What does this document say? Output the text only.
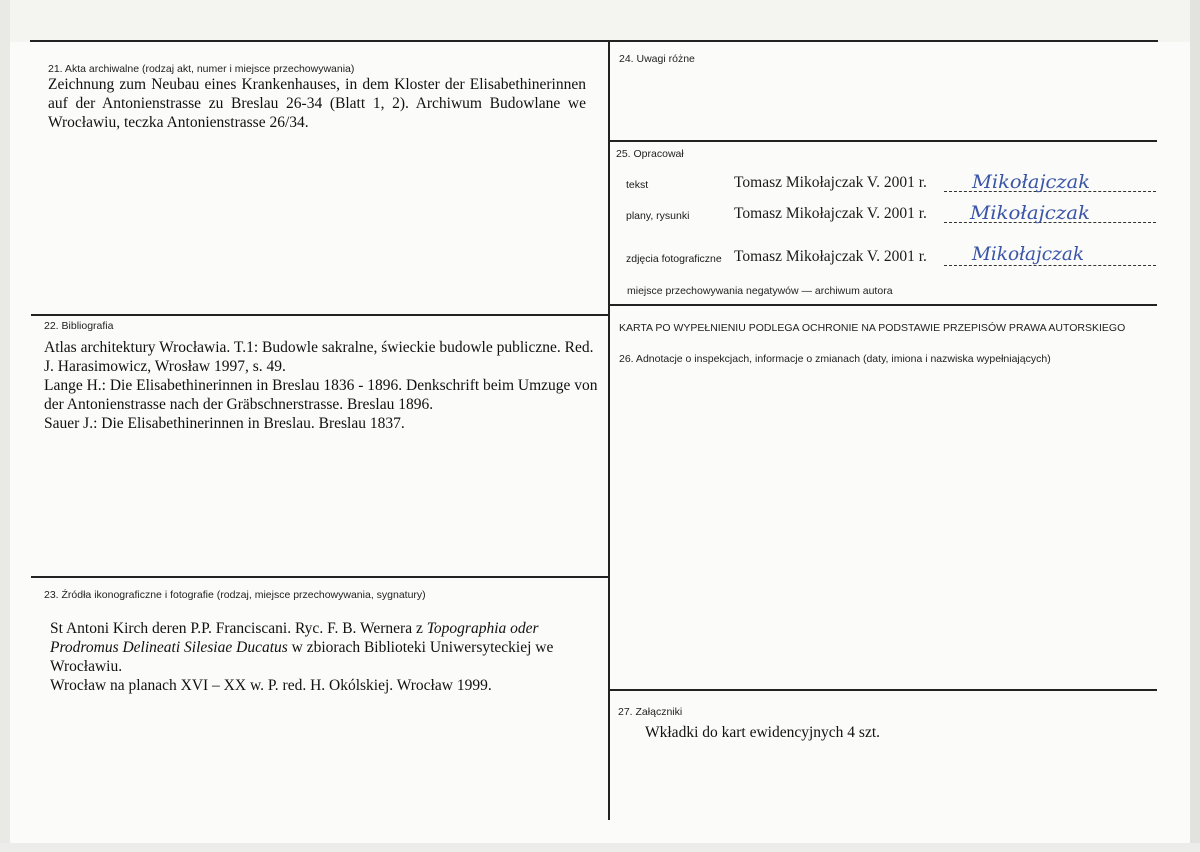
21. Akta archiwalne (rodzaj akt, numer i miejsce przechowywania)
Zeichnung zum Neubau eines Krankenhauses, in dem Kloster der Elisabethinerinnen
auf der Antonienstrasse zu Breslau 26-34 (Blatt 1, 2). Archiwum Budowlane we
Wrocławiu, teczka Antonienstrasse 26/34.
22. Bibliografia
Atlas architektury Wrocławia. T.1: Budowle sakralne, świeckie budowle publiczne. Red.
J. Harasimowicz, Wrosław 1997, s. 49.
Lange H.: Die Elisabethinerinnen in Breslau 1836 - 1896. Denkschrift beim Umzuge von
der Antonienstrasse nach der Gräbschnerstrasse. Breslau 1896.
Sauer J.: Die Elisabethinerinnen in Breslau. Breslau 1837.
23. Źródła ikonograficzne i fotografie (rodzaj, miejsce przechowywania, sygnatury)
St Antoni Kirch deren P.P. Franciscani. Ryc. F. B. Wernera z Topographia oder
Prodromus Delineati Silesiae Ducatus w zbiorach Biblioteki Uniwersyteckiej we
Wrocławiu.
Wrocław na planach XVI – XX w. P. red. H. Okólskiej. Wrocław 1999.
24. Uwagi różne
25. Opracował
tekst	Tomasz Mikołajczak V. 2001 r. Mikołajczak
plany, rysunki	Tomasz Mikołajczak V. 2001 r. Mikołajczak
zdjęcia fotograficzne Tomasz Mikołajczak V. 2001 r. Mikołajczak
miejsce przechowywania negatywów — archiwum autora
KARTA PO WYPEŁNIENIU PODLEGA OCHRONIE NA PODSTAWIE PRZEPISÓW PRAWA AUTORSKIEGO
26. Adnotacje o inspekcjach, informacje o zmianach (daty, imiona i nazwiska wypełniających)
27. Załączniki
Wkładki do kart ewidencyjnych 4 szt.
